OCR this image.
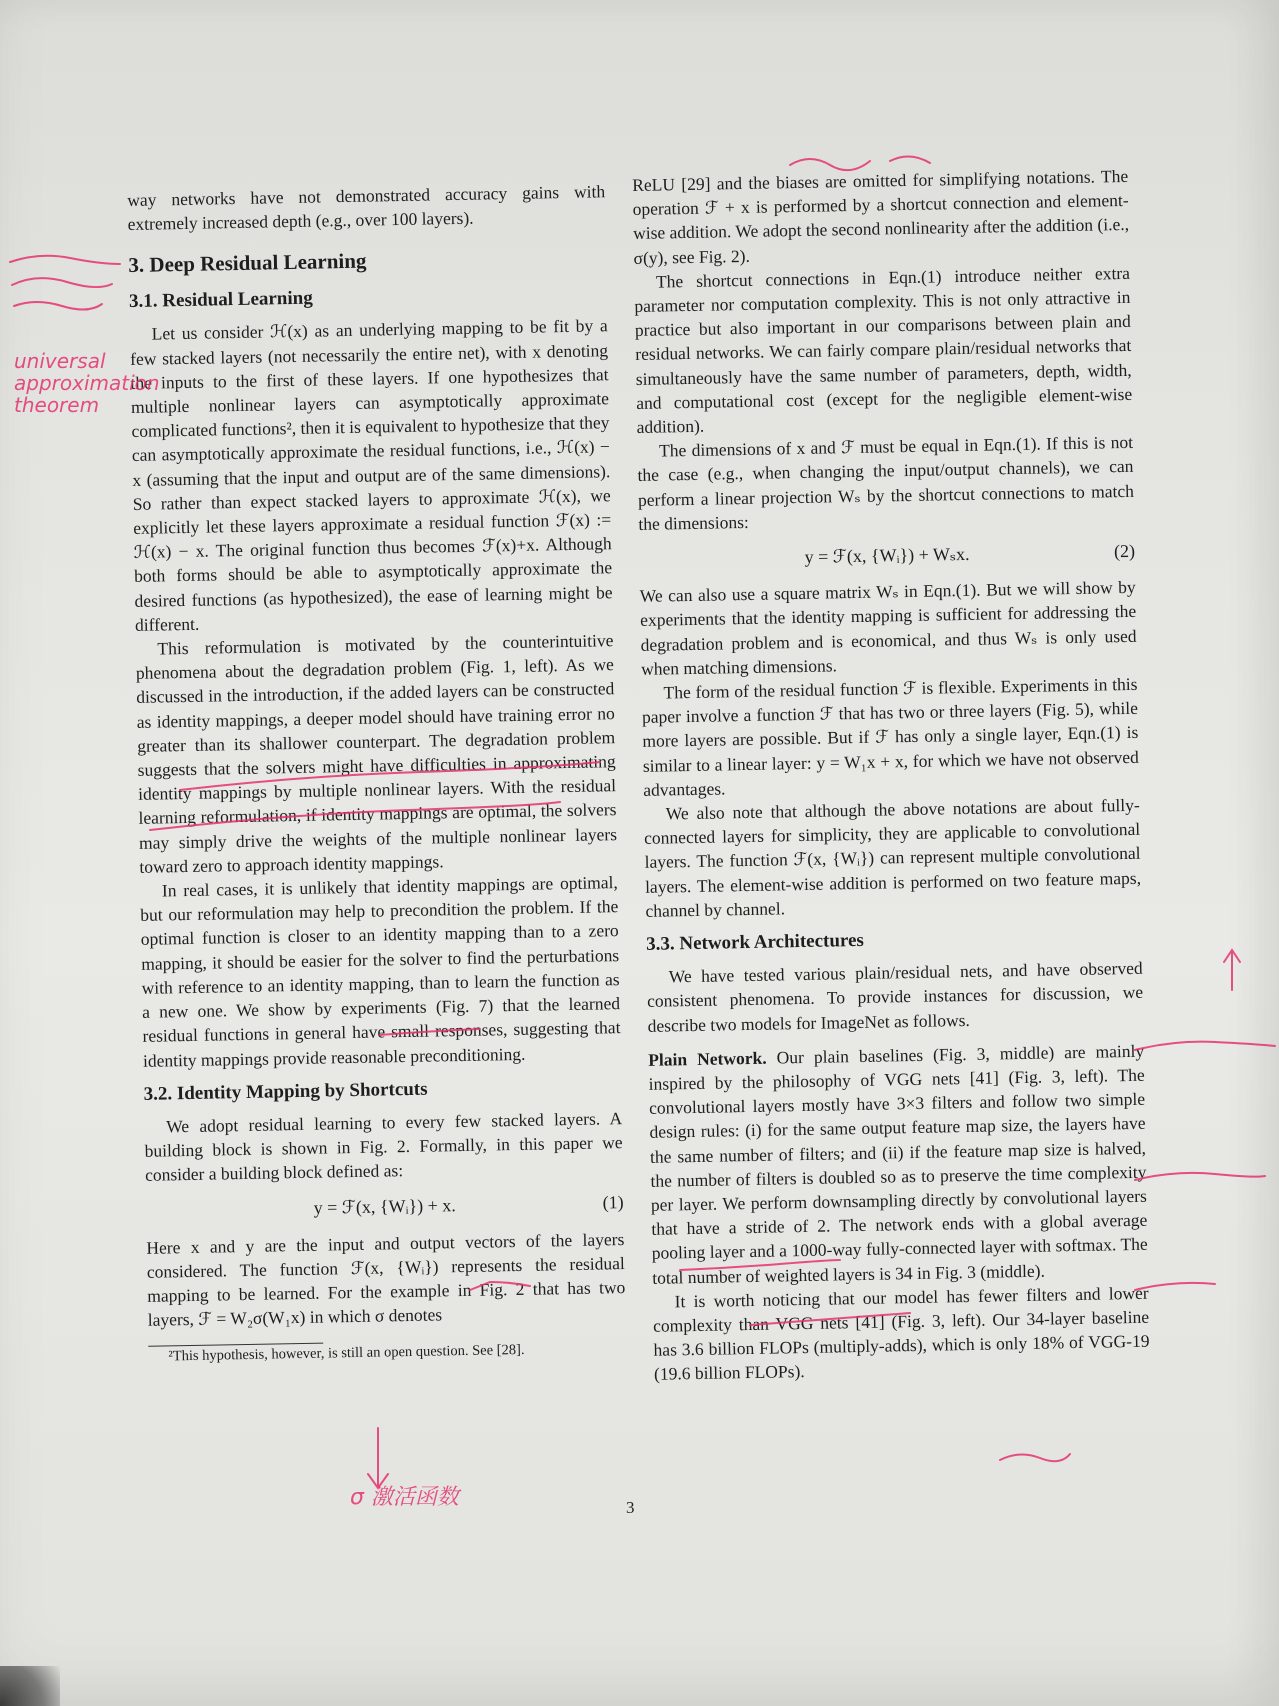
way networks have not demonstrated accuracy gains with extremely increased depth (e.g., over 100 layers).

3. Deep Residual Learning
3.1. Residual Learning

Let us consider ℋ(x) as an underlying mapping to be fit by a few stacked layers (not necessarily the entire net), with x denoting the inputs to the first of these layers. If one hypothesizes that multiple nonlinear layers can asymptotically approximate complicated functions², then it is equivalent to hypothesize that they can asymptotically approximate the residual functions, i.e., ℋ(x) − x (assuming that the input and output are of the same dimensions). So rather than expect stacked layers to approximate ℋ(x), we explicitly let these layers approximate a residual function ℱ(x) := ℋ(x) − x. The original function thus becomes ℱ(x)+x. Although both forms should be able to asymptotically approximate the desired functions (as hypothesized), the ease of learning might be different.

This reformulation is motivated by the counterintuitive phenomena about the degradation problem (Fig. 1, left). As we discussed in the introduction, if the added layers can be constructed as identity mappings, a deeper model should have training error no greater than its shallower counterpart. The degradation problem suggests that the solvers might have difficulties in approximating identity mappings by multiple nonlinear layers. With the residual learning reformulation, if identity mappings are optimal, the solvers may simply drive the weights of the multiple nonlinear layers toward zero to approach identity mappings.

In real cases, it is unlikely that identity mappings are optimal, but our reformulation may help to precondition the problem. If the optimal function is closer to an identity mapping than to a zero mapping, it should be easier for the solver to find the perturbations with reference to an identity mapping, than to learn the function as a new one. We show by experiments (Fig. 7) that the learned residual functions in general have small responses, suggesting that identity mappings provide reasonable preconditioning.

3.2. Identity Mapping by Shortcuts

We adopt residual learning to every few stacked layers. A building block is shown in Fig. 2. Formally, in this paper we consider a building block defined as:

y = ℱ(x, {Wᵢ}) + x.	(1)

Here x and y are the input and output vectors of the layers considered. The function ℱ(x, {Wᵢ}) represents the residual mapping to be learned. For the example in Fig. 2 that has two layers, ℱ = W₂σ(W₁x) in which σ denotes

²This hypothesis, however, is still an open question. See [28].

ReLU [29] and the biases are omitted for simplifying notations. The operation ℱ + x is performed by a shortcut connection and element-wise addition. We adopt the second nonlinearity after the addition (i.e., σ(y), see Fig. 2).

The shortcut connections in Eqn.(1) introduce neither extra parameter nor computation complexity. This is not only attractive in practice but also important in our comparisons between plain and residual networks. We can fairly compare plain/residual networks that simultaneously have the same number of parameters, depth, width, and computational cost (except for the negligible element-wise addition).

The dimensions of x and ℱ must be equal in Eqn.(1). If this is not the case (e.g., when changing the input/output channels), we can perform a linear projection Wₛ by the shortcut connections to match the dimensions:

y = ℱ(x, {Wᵢ}) + Wₛx.	(2)

We can also use a square matrix Wₛ in Eqn.(1). But we will show by experiments that the identity mapping is sufficient for addressing the degradation problem and is economical, and thus Wₛ is only used when matching dimensions.

The form of the residual function ℱ is flexible. Experiments in this paper involve a function ℱ that has two or three layers (Fig. 5), while more layers are possible. But if ℱ has only a single layer, Eqn.(1) is similar to a linear layer: y = W₁x + x, for which we have not observed advantages.

We also note that although the above notations are about fully-connected layers for simplicity, they are applicable to convolutional layers. The function ℱ(x, {Wᵢ}) can represent multiple convolutional layers. The element-wise addition is performed on two feature maps, channel by channel.

3.3. Network Architectures

We have tested various plain/residual nets, and have observed consistent phenomena. To provide instances for discussion, we describe two models for ImageNet as follows.

Plain Network. Our plain baselines (Fig. 3, middle) are mainly inspired by the philosophy of VGG nets [41] (Fig. 3, left). The convolutional layers mostly have 3×3 filters and follow two simple design rules: (i) for the same output feature map size, the layers have the same number of filters; and (ii) if the feature map size is halved, the number of filters is doubled so as to preserve the time complexity per layer. We perform downsampling directly by convolutional layers that have a stride of 2. The network ends with a global average pooling layer and a 1000-way fully-connected layer with softmax. The total number of weighted layers is 34 in Fig. 3 (middle).

It is worth noticing that our model has fewer filters and lower complexity than VGG nets [41] (Fig. 3, left). Our 34-layer baseline has 3.6 billion FLOPs (multiply-adds), which is only 18% of VGG-19 (19.6 billion FLOPs).

3
universal approximation theorem
σ 激活函数
